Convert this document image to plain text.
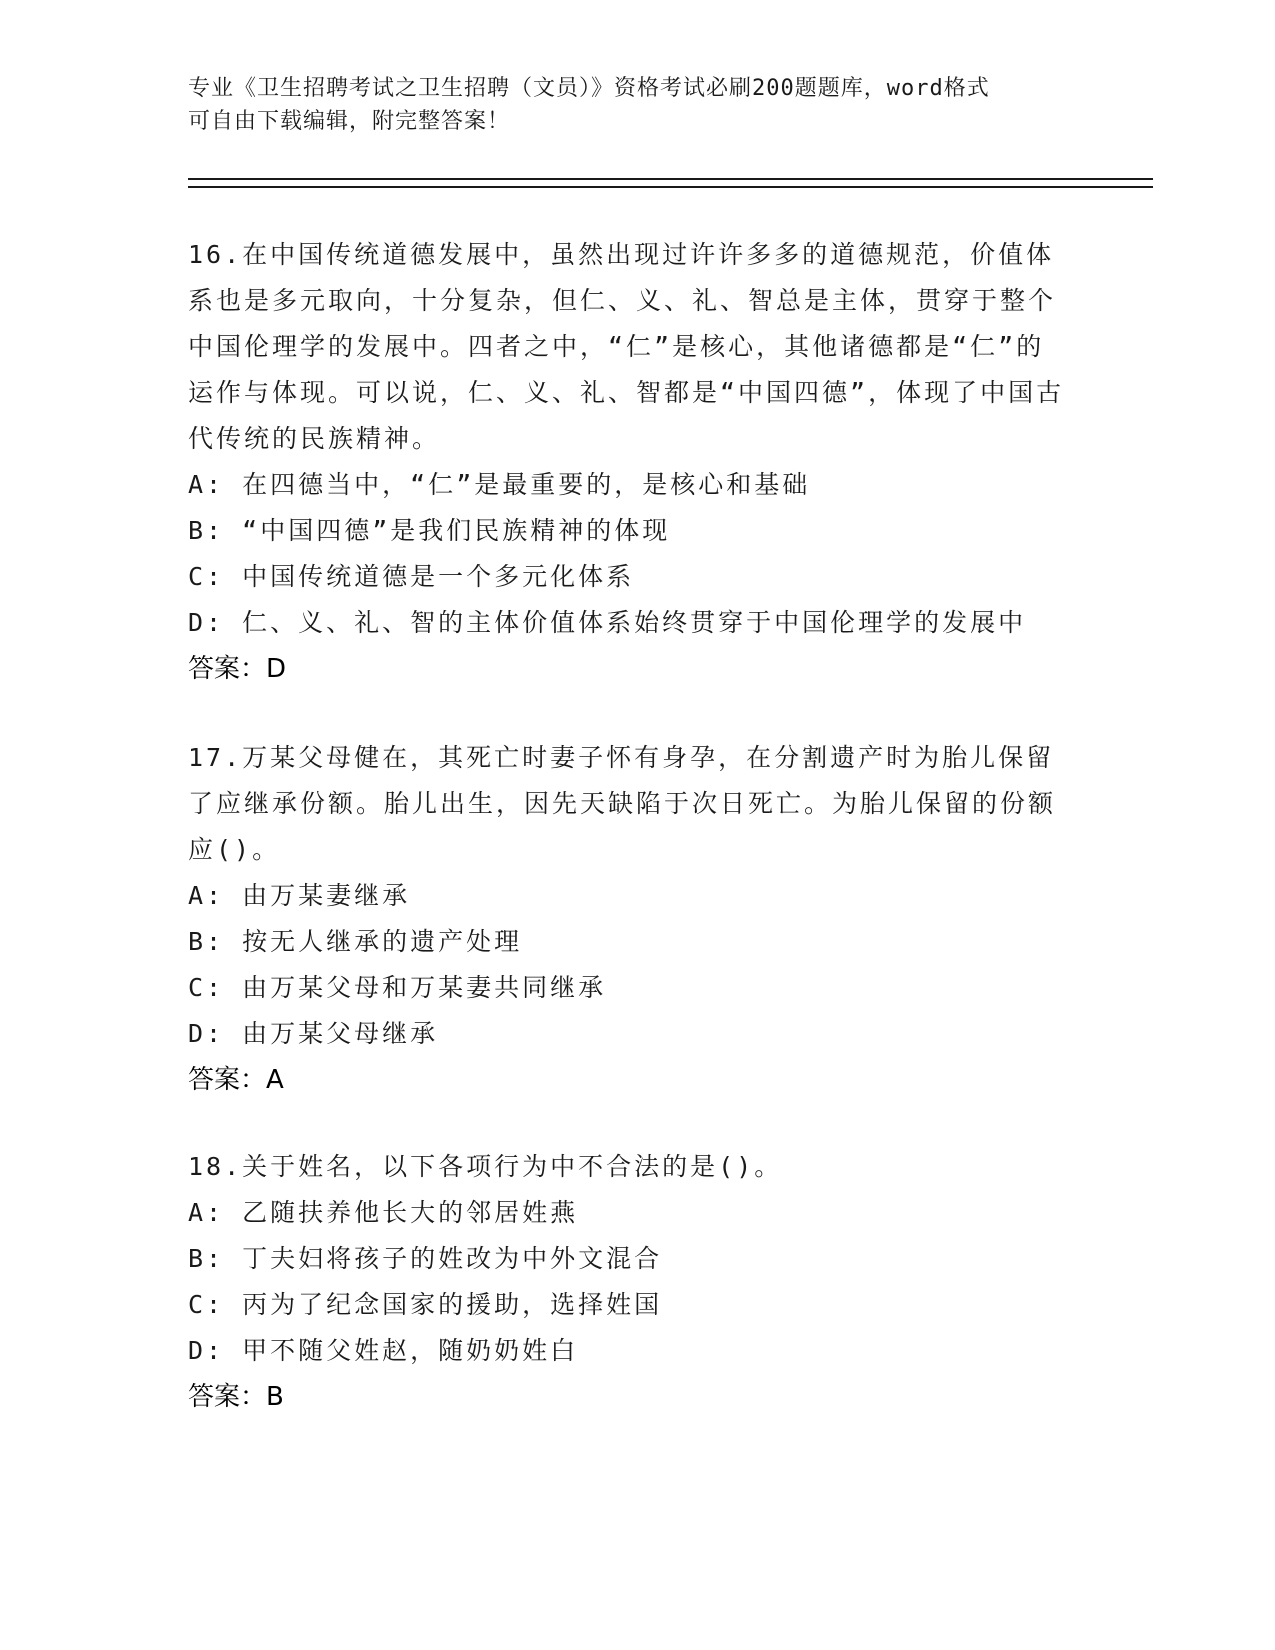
专业《卫生招聘考试之卫生招聘（文员）》资格考试必刷200题题库，word格式
可自由下载编辑，附完整答案！

16.在中国传统道德发展中，虽然出现过许许多多的道德规范，价值体系也是多元取向，十分复杂，但仁、义、礼、智总是主体，贯穿于整个中国伦理学的发展中。四者之中，“仁”是核心，其他诸德都是“仁”的运作与体现。可以说，仁、义、礼、智都是“中国四德”，体现了中国古代传统的民族精神。

A: 在四德当中，“仁”是最重要的，是核心和基础

B: “中国四德”是我们民族精神的体现

C: 中国传统道德是一个多元化体系

D: 仁、义、礼、智的主体价值体系始终贯穿于中国伦理学的发展中

答案：D

17.万某父母健在，其死亡时妻子怀有身孕，在分割遗产时为胎儿保留了应继承份额。胎儿出生，因先天缺陷于次日死亡。为胎儿保留的份额应()。

A: 由万某妻继承

B: 按无人继承的遗产处理

C: 由万某父母和万某妻共同继承

D: 由万某父母继承

答案：A

18.关于姓名，以下各项行为中不合法的是()。

A: 乙随扶养他长大的邻居姓燕

B: 丁夫妇将孩子的姓改为中外文混合

C: 丙为了纪念国家的援助，选择姓国

D: 甲不随父姓赵，随奶奶姓白

答案：B
